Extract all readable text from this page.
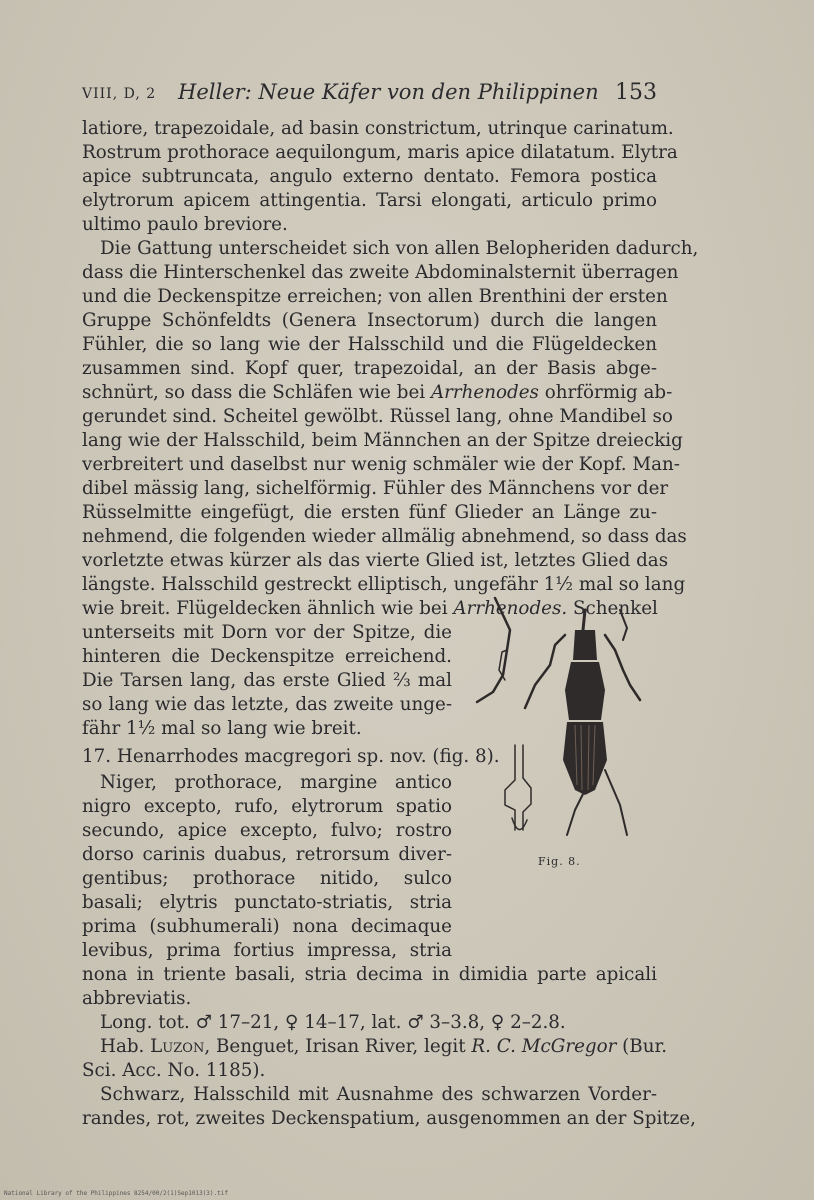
VIII, D, 2 Heller: Neue Käfer von den Philippinen 153
latiore, trapezoidale, ad basin constrictum, utrinque carinatum.
Rostrum prothorace aequilongum, maris apice dilatatum. Elytra
apice subtruncata, angulo externo dentato. Femora postica
elytrorum apicem attingentia. Tarsi elongati, articulo primo
ultimo paulo breviore.
Die Gattung unterscheidet sich von allen Belopheriden dadurch,
dass die Hinterschenkel das zweite Abdominalsternit überragen
und die Deckenspitze erreichen; von allen Brenthini der ersten
Gruppe Schönfeldts (Genera Insectorum) durch die langen
Fühler, die so lang wie der Halsschild und die Flügeldecken
zusammen sind. Kopf quer, trapezoidal, an der Basis abge-
schnürt, so dass die Schläfen wie bei Arrhenodes ohrförmig ab-
gerundet sind. Scheitel gewölbt. Rüssel lang, ohne Mandibel so
lang wie der Halsschild, beim Männchen an der Spitze dreieckig
verbreitert und daselbst nur wenig schmäler wie der Kopf. Man-
dibel mässig lang, sichelförmig. Fühler des Männchens vor der
Rüsselmitte eingefügt, die ersten fünf Glieder an Länge zu-
nehmend, die folgenden wieder allmälig abnehmend, so dass das
vorletzte etwas kürzer als das vierte Glied ist, letztes Glied das
längste. Halsschild gestreckt elliptisch, ungefähr 1½ mal so lang
wie breit. Flügeldecken ähnlich wie bei Arrhenodes. Schenkel
unterseits mit Dorn vor der Spitze, die
hinteren die Deckenspitze erreichend.
Die Tarsen lang, das erste Glied ⅔ mal
so lang wie das letzte, das zweite unge-
fähr 1½ mal so lang wie breit.
17. Henarrhodes macgregori sp. nov. (fig. 8).
Niger, prothorace, margine antico
nigro excepto, rufo, elytrorum spatio
secundo, apice excepto, fulvo; rostro
dorso carinis duabus, retrorsum diver-
gentibus; prothorace nitido, sulco
basali; elytris punctato-striatis, stria
prima (subhumerali) nona decimaque
levibus, prima fortius impressa, stria
nona in triente basali, stria decima in dimidia parte apicali
abbreviatis.
Long. tot. ♂ 17–21, ♀ 14–17, lat. ♂ 3–3.8, ♀ 2–2.8.
Hab. Luzon, Benguet, Irisan River, legit R. C. McGregor (Bur.
Sci. Acc. No. 1185).
Schwarz, Halsschild mit Ausnahme des schwarzen Vorder-
randes, rot, zweites Deckenspatium, ausgenommen an der Spitze,
Fig. 8.
National Library of the Philippines 8254/00/2(1)Sep1013(3).tif
